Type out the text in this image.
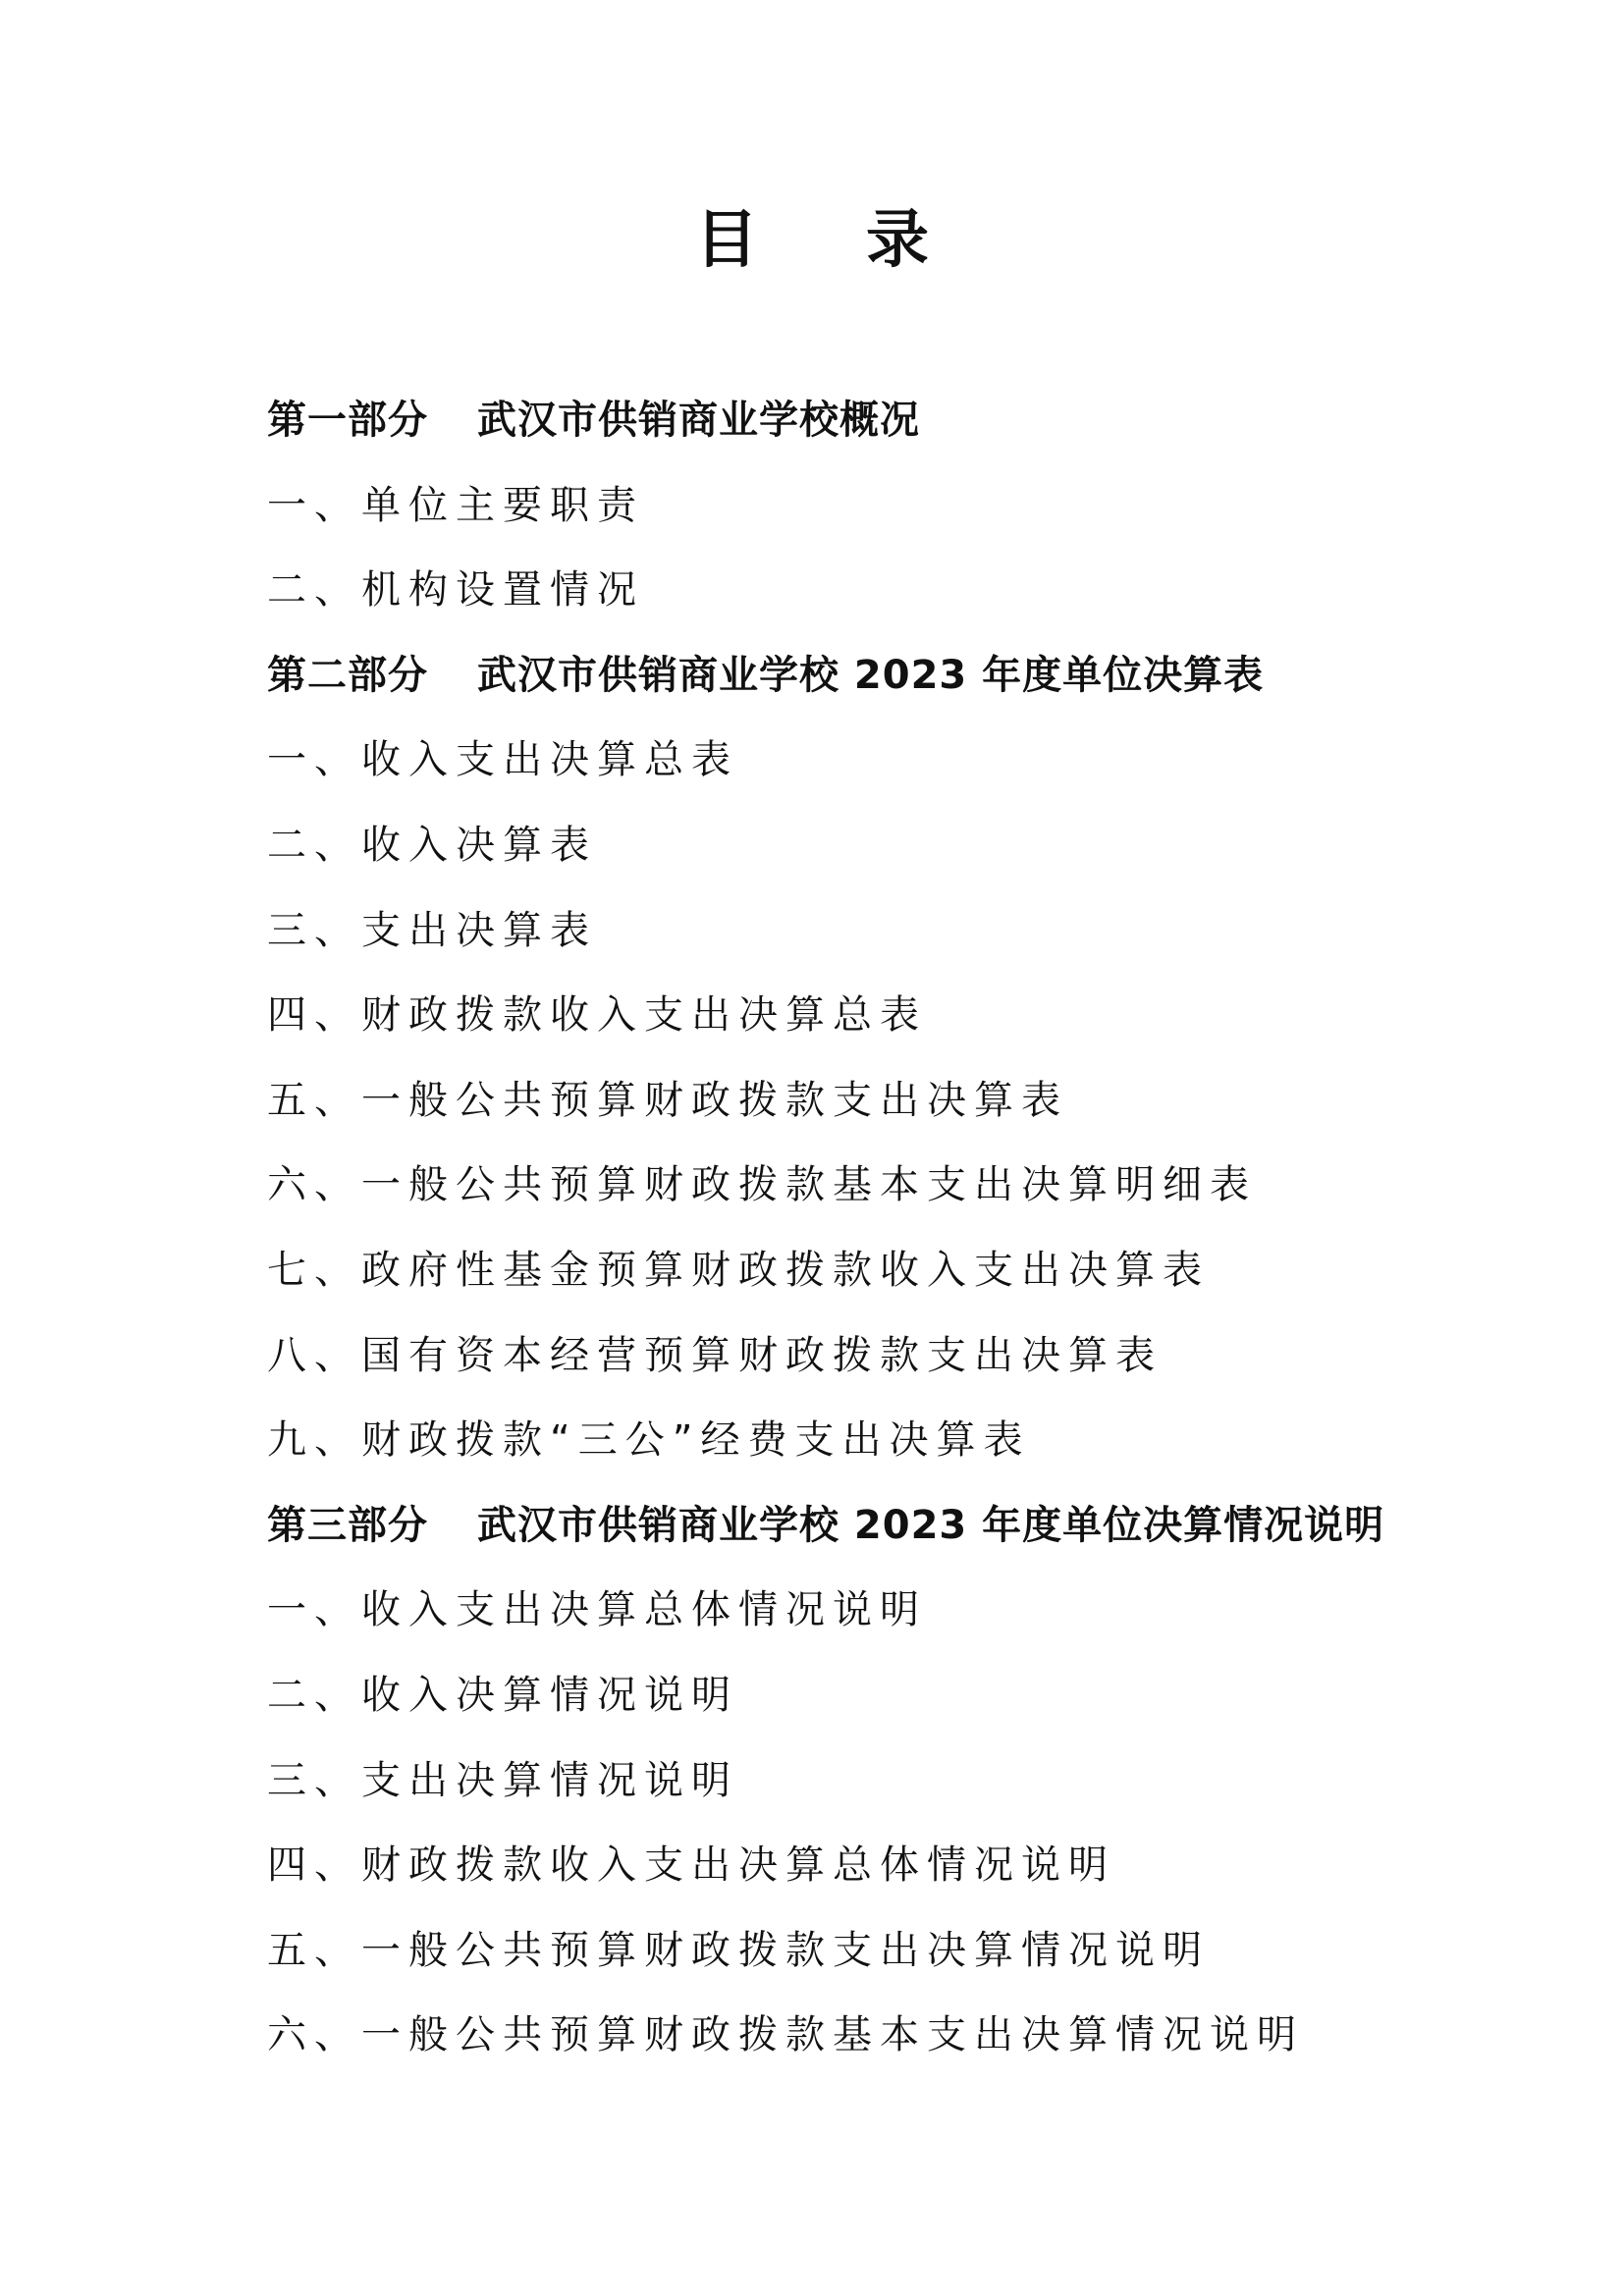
目录
第一部分 武汉市供销商业学校概况
一、单位主要职责
二、机构设置情况
第二部分 武汉市供销商业学校 2023 年度单位决算表
一、收入支出决算总表
二、收入决算表
三、支出决算表
四、财政拨款收入支出决算总表
五、一般公共预算财政拨款支出决算表
六、一般公共预算财政拨款基本支出决算明细表
七、政府性基金预算财政拨款收入支出决算表
八、国有资本经营预算财政拨款支出决算表
九、财政拨款“三公”经费支出决算表
第三部分 武汉市供销商业学校 2023 年度单位决算情况说明
一、收入支出决算总体情况说明
二、收入决算情况说明
三、支出决算情况说明
四、财政拨款收入支出决算总体情况说明
五、一般公共预算财政拨款支出决算情况说明
六、一般公共预算财政拨款基本支出决算情况说明
